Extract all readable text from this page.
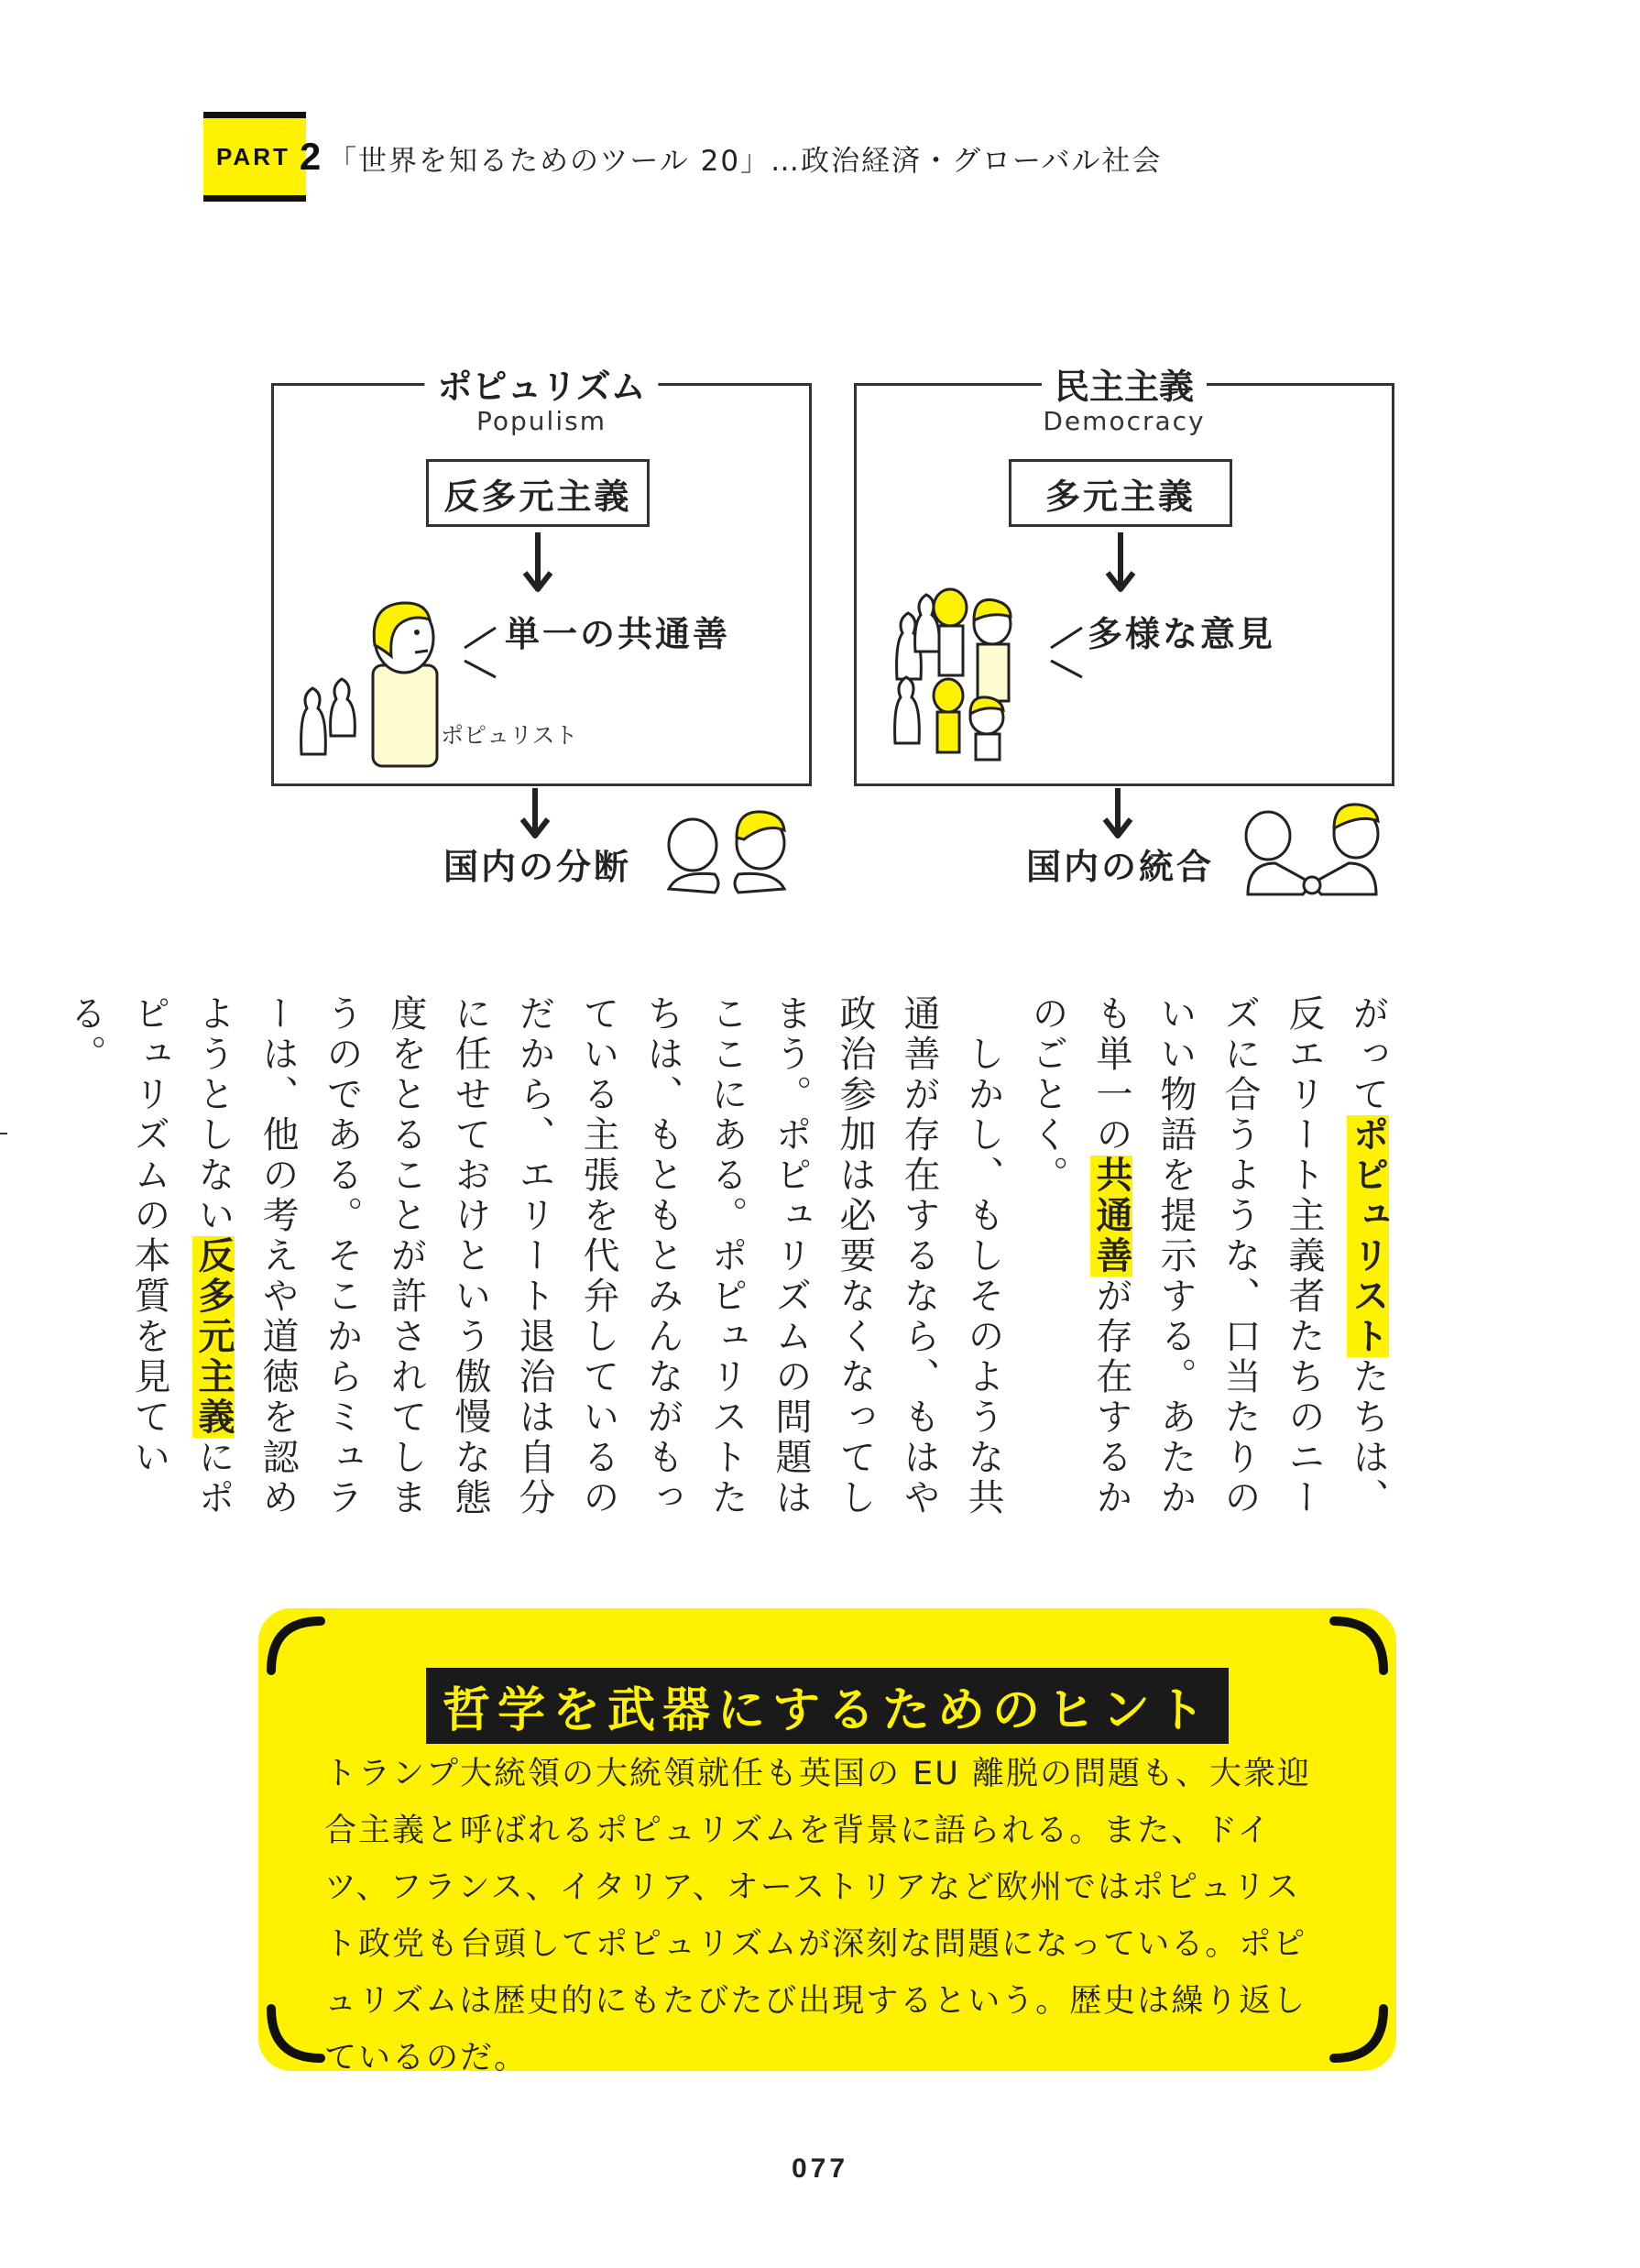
PART 2 「世界を知るためのツール 20」…政治経済・グローバル社会
ポピュリズム
Populism
反多元主義
単一の共通善
ポピュリスト
国内の分断
民主主義
Democracy
多元主義
多様な意見
国内の統合
がってポピュリストたちは、反エリート主義者たちのニーズに合うような、口当たりのいい物語を提示する。あたかも単一の共通善が存在するかのごとく。
　しかし、もしそのような共通善が存在するなら、もはや政治参加は必要なくなってしまう。ポピュリズムの問題はここにある。ポピュリストたちは、もともとみんながもっている主張を代弁しているのだから、エリート退治は自分に任せておけという傲慢な態度をとることが許されてしまうのである。そこからミュラーは、他の考えや道徳を認めようとしない反多元主義にポピュリズムの本質を見ている。
哲学を武器にするためのヒント
トランプ大統領の大統領就任も英国の EU 離脱の問題も、大衆迎合主義と呼ばれるポピュリズムを背景に語られる。また、ドイツ、フランス、イタリア、オーストリアなど欧州ではポピュリスト政党も台頭してポピュリズムが深刻な問題になっている。ポピュリズムは歴史的にもたびたび出現するという。歴史は繰り返しているのだ。
077
